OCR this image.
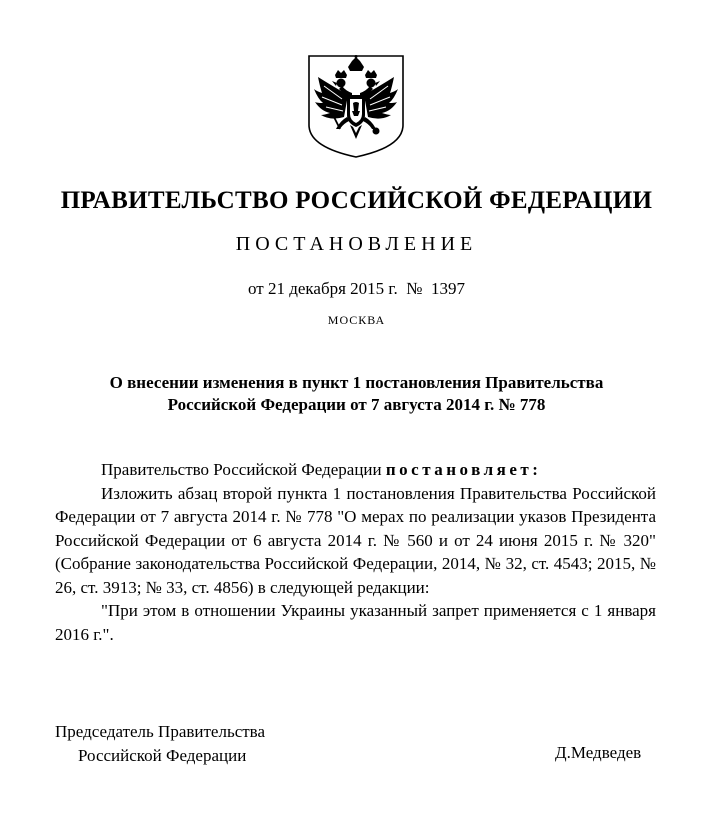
ПРАВИТЕЛЬСТВО РОССИЙСКОЙ ФЕДЕРАЦИИ
ПОСТАНОВЛЕНИЕ
от 21 декабря 2015 г.  №  1397
МОСКВА
О внесении изменения в пункт 1 постановления Правительства
Российской Федерации от 7 августа 2014 г. № 778

Правительство Российской Федерации постановляет:

Изложить абзац второй пункта 1 постановления Правительства Российской Федерации от 7 августа 2014 г. № 778 "О мерах по реализации указов Президента Российской Федерации от 6 августа 2014 г. № 560 и от 24 июня 2015 г. № 320" (Собрание законодательства Российской Федерации, 2014, № 32, ст. 4543; 2015, № 26, ст. 3913; № 33, ст. 4856) в следующей редакции:

"При этом в отношении Украины указанный запрет применяется с 1 января 2016 г.".

Председатель Правительства
Российской Федерации	Д.Медведев
